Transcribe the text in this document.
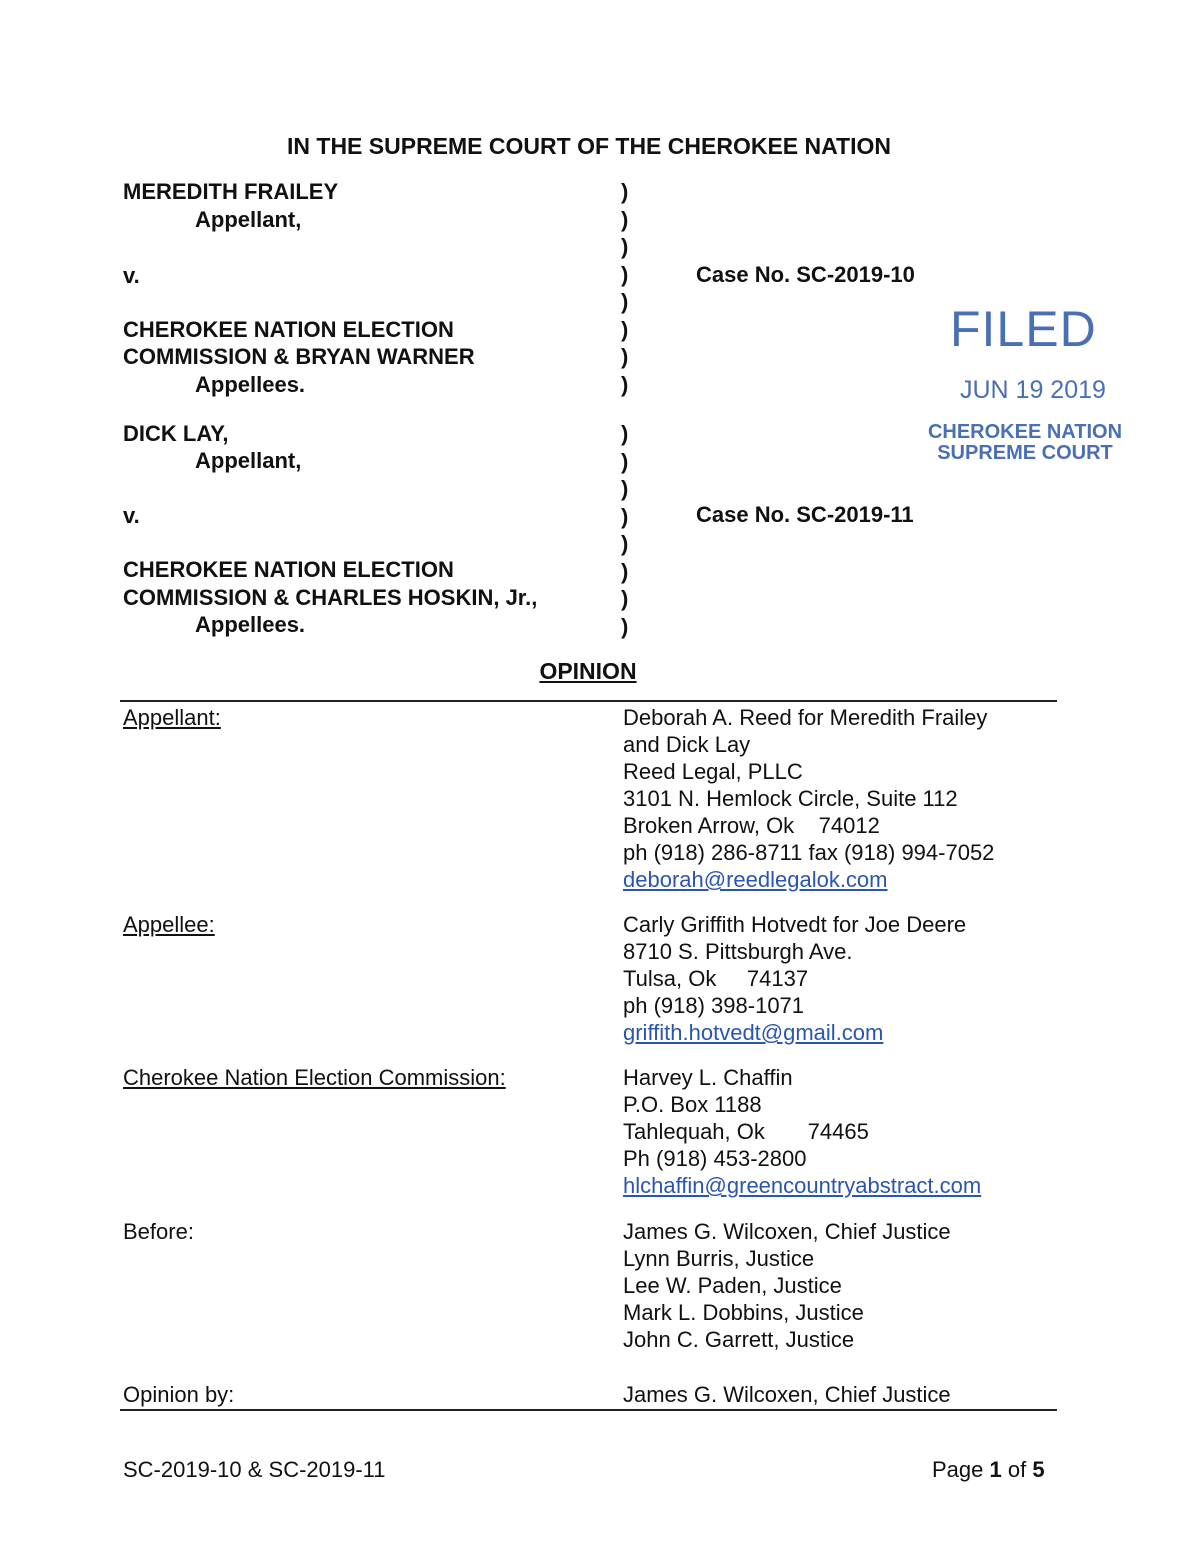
IN THE SUPREME COURT OF THE CHEROKEE NATION
MEREDITH FRAILEY
Appellant,
v.
CHEROKEE NATION ELECTION
COMMISSION & BRYAN WARNER
Appellees.
Case No. SC-2019-10
)
)
)
)
)
)
)
)
DICK LAY,
Appellant,
v.
CHEROKEE NATION ELECTION
COMMISSION & CHARLES HOSKIN, Jr.,
Appellees.
Case No. SC-2019-11
)
)
)
)
)
)
)
)
FILED
JUN 19 2019
CHEROKEE NATION
SUPREME COURT
OPINION
Appellant:	Deborah A. Reed for Meredith Frailey
and Dick Lay
Reed Legal, PLLC
3101 N. Hemlock Circle, Suite 112
Broken Arrow, Ok    74012
ph (918) 286-8711 fax (918) 994-7052
deborah@reedlegalok.com
Appellee:	Carly Griffith Hotvedt for Joe Deere
8710 S. Pittsburgh Ave.
Tulsa, Ok     74137
ph (918) 398-1071
griffith.hotvedt@gmail.com
Cherokee Nation Election Commission:	Harvey L. Chaffin
P.O. Box 1188
Tahlequah, Ok       74465
Ph (918) 453-2800
hlchaffin@greencountryabstract.com
Before:	James G. Wilcoxen, Chief Justice
Lynn Burris, Justice
Lee W. Paden, Justice
Mark L. Dobbins, Justice
John C. Garrett, Justice
Opinion by:	James G. Wilcoxen, Chief Justice
SC-2019-10 & SC-2019-11	Page 1 of 5
